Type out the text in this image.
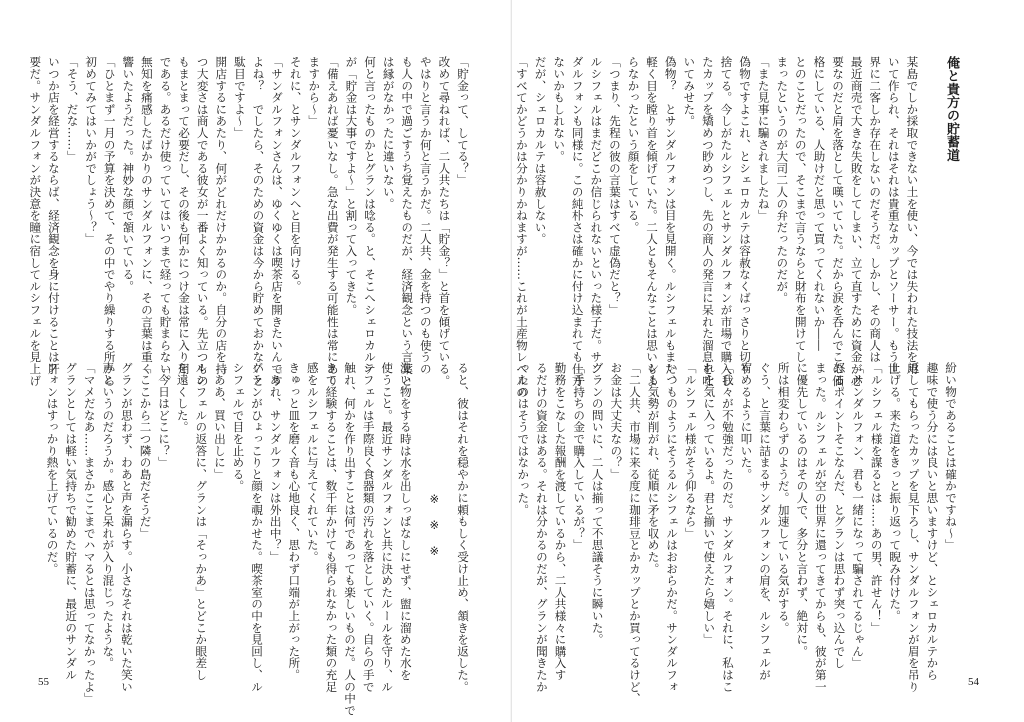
「貯金って、してる？」

改めて尋ねれば、二人共たちは「貯金？」と首を傾げている。

やはりと言うか何と言うかだ。二人共、金を持つのも使うの

も人の中で過ごすうち覚えたものだが、経済観念という言葉と

は縁がなかったに違いない。

何と言ったものかとグランは唸る。と、そこへシェロカルテ

が「貯金は大事ですよ～」と割って入ってきた。

「備えあれば憂いなし。急な出費が発生する可能性は常にあり

ますから～」

それに、とサンダルフォンへと目を向ける。

「サンダルフォンさんは、ゆくゆくは喫茶店を開きたいんです

よね？　でしたら、そのための資金は今から貯めておかないと

駄目ですよ～」

開店するにあたり、何がどれだけかかるのか。自分の店を持

つ大変さは商人である彼女が一番よく知っている。先立つもの

もまとまって必要だし、その後も何かにつけ金は常に入り用

である。あるだけ使っていてはいつまで経っても貯まらない。

無知を痛感したばかりのサンダルフォンに、その言葉は重く

響いたようだった。神妙な顔で頷いている。

「ひとまず一月の予算を決めて、その中でやり繰りする所から

初めてみてはいかがでしょう～？」

「そう、だな……」

いつか店を経営するならば、経済観念を身に付けることは肝

要だ。サンダルフォンが決意を瞳に宿してルシフェルを見上げ

ると、彼はそれを穏やかに頼もしく受け止め、頷きを返した。

※　※　※

洗い物をする時は水を出しっぱなしにせず、盥に溜めた水を

使うこと。最近サンダルフォンと共に決めたルールを守り、ル

シフェルは手際良く食器類の汚れを落としていく。自らの手で

触れ、何かを作り出すことは何であっても楽しいものだ。人の中で

きて経験することは、数千年かけても得られなかった類の充足

感をルシフェルに与えてくれていた。

きゅっと皿を磨く音も心地良く、思わず口端が上がった所。

「あれ、サンダルフォンは外出中？」

グランがひょっこりと顔を覗かせた。喫茶室の中を見回し、ル

シフェルで目を止める。

「ああ、買い出しに」

ルシフェルの返答に、グランは「そっかあ」とどこか眼差し

を遠くした。

「今日はどこに？」

「ここから二つ隣の島だそうだ」

グランが思わず、わあと声を漏らす。小さなそれは乾いた笑い

声というのだろうか。感心と呆れが入り混じったような。

「マメだなあ……まさかここまでハマるとは思ってなかったよ」

グランとしては軽い気持ちで勧めた貯蓄に、最近のサンダル

フォンはすっかり熱を上げているのだ。

55

俺と貴方の貯蓄道

某島でしか採取できない土を使い、今では失われた技法を用

いて作られ、それはそれは貴重なカップとソーサー。もう世

界に二客しか存在しないのだそうだ。しかし、その商人は

最近商売で大きな失敗をしてしまい、立て直すために資金が必

要なのだと肩を落として嘆いていた。だから涙を呑んでこの価

格にしている、人助けだと思って買ってくれないか――

とのことだったので、そこまで言うならと財布を開けてし

まったというのが大司二人の弁だったのだが。

「また見事に騙されましたね」

偽物ですよこれ、とシェロカルテは容赦なくばっさりと切り

捨てる。今しがたルシフェルとサンダルフォンが市場で購入し

たカップを矯めつ眇めつし、先の商人の発言に呆れた溜息を吐

いてみせた。

偽物？　とサンダルフォンは目を見開く。ルシフェルもまた、

軽く目を瞠り首を傾げていた。二人ともそんなことは思いもよ

らなかったという顔をしている。

「つまり、先程の彼の言葉はすべて虚偽だと？」

ルシフェルはまだどこか信じられないといった様子だ。サン

ダルフォンも同様に。この純朴さは確かに付け込まれても仕方

ないかもしれない。

だが、シェロカルテは容赦しない。

「すべてかどうかは分かりかねますが……これが土産物レベルの

紛い物であることは確かですね～」

趣味で使う分には良いと思いますけど、とシェロカルテから

返してもらったカップを見下ろし、サンダルフォンが眉を吊り

上げる。来た道をきっと振り返って睨み付けた。

「ルシフェル様を謀るとは……あの男、許せん！」

「サンダルフォン、君も一緒になって騙されてるじゃん」

怒るポイントそこなんだ、とグランは思わず突っ込んでし

まった。ルシフェルが空の世界に還ってきてからも、彼が第一

に優先しているのはその人で、多分と言わず、絶対に。

所は相変わらずのようだ。加速している気がする。

ぐう、と言葉に詰まるサンダルフォンの肩を、ルシフェルが

宥めるように叩いた。

「我々が不勉強だったのだ。サンダルフォン。それに、私はこ

れを気に入っているよ。君と揃いで使えたら嬉しい」

「ルシフェル様がそう仰るなら」

いつものようにそうるルシフェルはおおらかだ。サンダルフォ

ンも気勢が削がれ、従順に矛を収めた。

「二人共、市場に来る度に珈琲豆とかカップとか買ってるけど、

お金は大丈夫なの？」

グランの問いに、二人は揃って不思議そうに瞬いた。

「手持ちの金で購入しているが？」

勤務をこなした報酬を渡しているから、二人共様々に購入す

るだけの資金はある。それは分かるのだが、グランが聞きたか

ったのはそうではなかった。

54
